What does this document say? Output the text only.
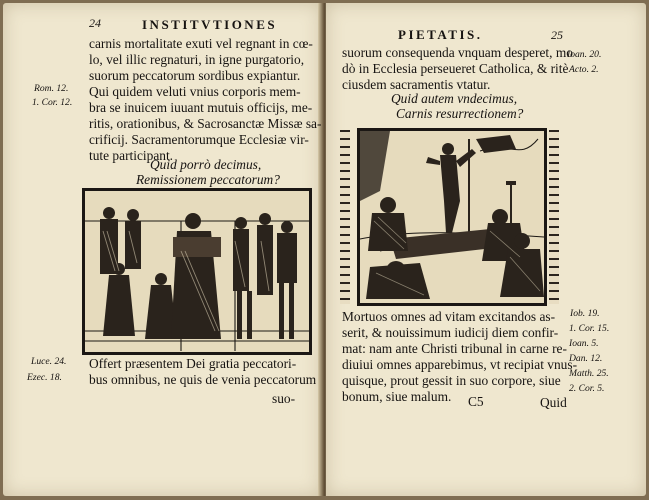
24	INSTITVTIONES
carnis mortalitate exuti vel regnant in cœ-
lo, vel illic regnaturi, in igne purgatorio,
suorum peccatorum sordibus expiantur.
Qui quidem veluti vnius corporis mem-
bra se inuicem iuuant mutuis officijs, me-
ritis, orationibus, & Sacrosanctæ Missæ sa-
crificij. Sacramentorumque Ecclesiæ vir-
tute participant.
Rom. 12.
1. Cor. 12.
Quid porrò decimus,
Remissionem peccatorum?
Offert præsentem Dei gratia peccatori-
bus omnibus, ne quis de venia peccatorum
suo-
Luce. 24.
Ezec. 18.
PIETATIS.	25
suorum consequenda vnquam desperet, mo
dò in Ecclesia perseueret Catholica, & ritè
ciusdem sacramentis vtatur.
Ioan. 20.
Acto. 2.
Quid autem vndecimus,
Carnis resurrectionem?
Mortuos omnes ad vitam excitandos as-
serit, & nouissimum iudicij diem confir-
mat: nam ante Christi tribunal in carne re-
diuiui omnes apparebimus, vt recipiat vnus-
quisque, prout gessit in suo corpore, siue
bonum, siue malum.
Iob. 19.
1. Cor. 15.
Ioan. 5.
Dan. 12.
Matth. 25.
2. Cor. 5.
C5	Quid
